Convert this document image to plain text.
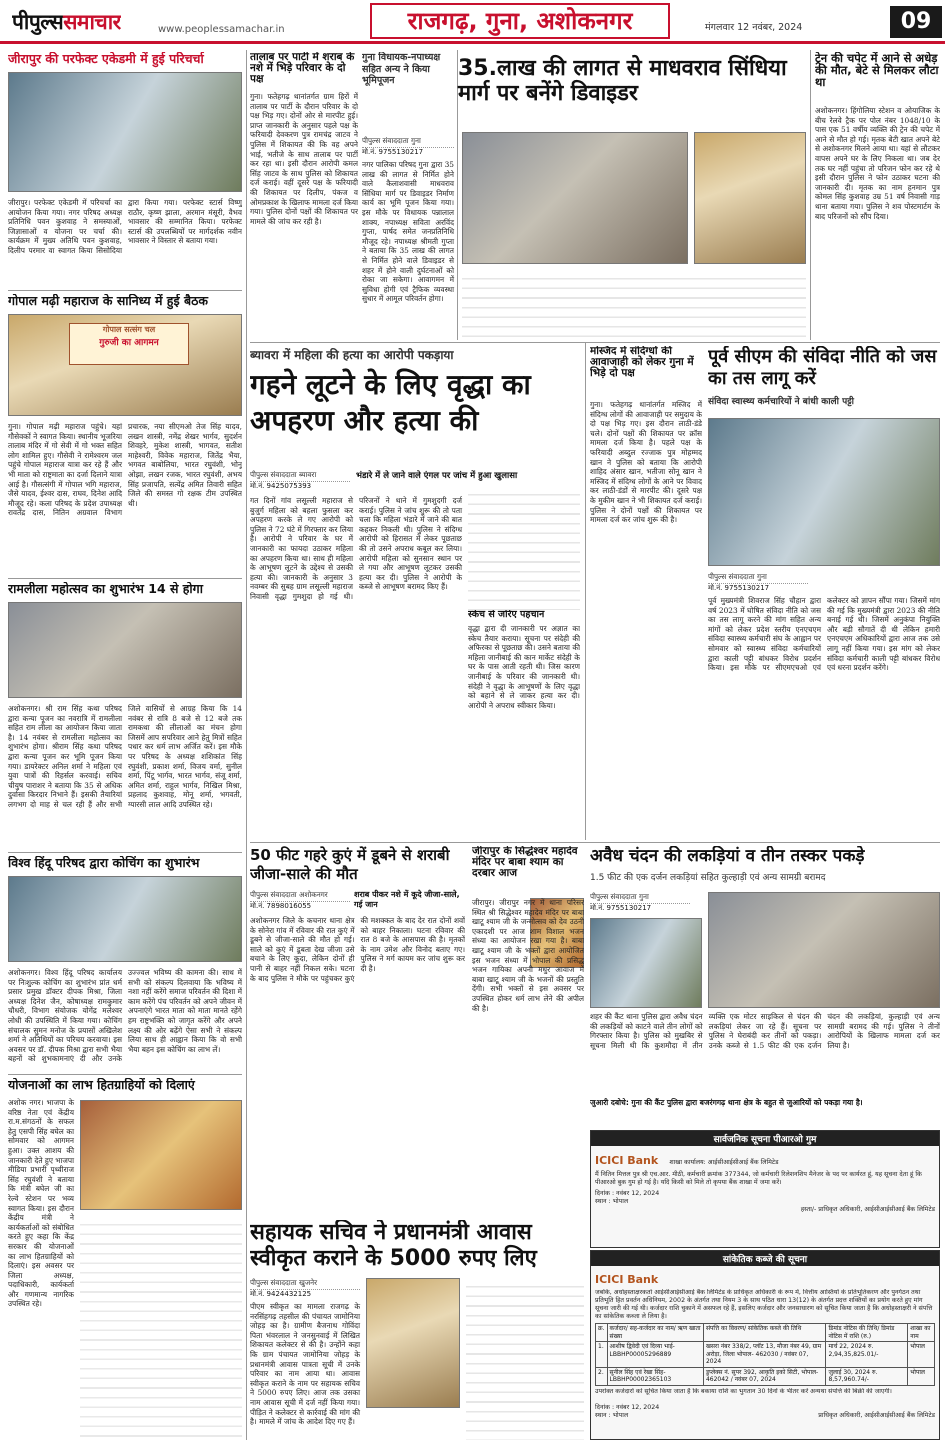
पीपुल्ससमाचार	www.peoplessamachar.in	राजगढ़, गुना, अशोकनगर	मंगलवार 12 नवंबर, 2024	09
जीरापुर की परफेक्ट एकेडमी में हुई परिचर्चा
जीरापुर। परफेक्ट एकेडमी में परिचर्चा का आयोजन किया गया। नगर परिषद अध्यक्ष प्रतिनिधि पवन कुशवाह ने समस्याओं, जिज्ञासाओं व योजना पर चर्चा की। कार्यक्रम में मुख्य अतिथि पवन कुशवाह, दिलीप परमार वा स्वागत किया सिसोदिया द्वारा किया गया। परफेक्ट स्टार्स विष्णु राठौर, कृष्ण झाला, अरमान मंसूरी, वैभव भावसार की सम्मानित किया। परफेक्ट स्टार्स की उपलब्धियों पर मार्गदर्शक नवीन भावसार ने विस्तार से बताया गया।
गोपाल मढ़ी महाराज के सानिध्य में हुई बैठक
गोपाल सत्संग चल
गुरुजी का आगमन
गुना। गोपाल मढ़ी महाराज पहुंचे। यहां गौसेवकों ने स्वागत किया। स्थानीय भूजरिया तालाब मंदिर में गो सेवी में गो भक्त सहित लोग शामिल हुए। गौसेवी ने रामेश्वरम जल पहुंचे गोपाल महाराज यात्रा कर रहे हैं और भी माता को राष्ट्रमाता का दर्जा दिलाने यात्रा आई है। गौसत्संगी में गोपाल भगि महाराज, जैसे यादव, ईश्वर दास, राघव, दिनेश आदि मौजूद रहे। कला परिषद के प्रदेश उपाध्यक्ष रावर्तेंद्र दास, नितिन अग्रवाल विभाग प्रचारक, नया सीएमओ तेज सिंह यादव, लखन शास्त्री, नमेंद्र शेखर भार्गव, सुदर्शन शिवहरे, मुकेश शास्त्री, भागवत, सतीश माहेश्वरी, विवेक महाराज, जितेंद्र भैया, भगवत बाबोलिया, भारत रघुवंशी, भोनू ओझा, लखन रजक, भारत रघुवंशी, अभय सिंह प्रजापति, सत्येंद्र अमित तिवारी सहित जिले की समस्त गो रक्षक टीम उपस्थित थी।
रामलीला महोत्सव का शुभारंभ 14 से होगा
अशोकनगर। श्री राम सिंह कथा परिषद द्वारा कन्या पूजन का नवरात्रि में रामलीला सहित राम लीला का आयोजन किया जाता है। 14 नवंबर से रामलीला महोत्सव का शुभारंभ होगा। श्रीराम सिंह कथा परिषद द्वारा कन्या पूजन कर भूमि पूजन किया गया। डायरेक्टर अनिल शर्मा ने महिला एवं युवा पात्रों की रिहर्सल करवाई। सचिव चीयुष पाराशर ने बताया कि 35 से अधिक दुर्वासा किरदार निभाने हैं। इसकी तैयारियां लगभग दो माह से चल रही हैं और सभी जिले वासियों से आग्रह किया कि 14 नवंबर से रात्रि 8 बजे से 12 बजे तक रामकथा की लीलाओं का मंचन होगा जिसमें आप सपरिवार आने हेतु मित्रों सहित पधार कर धर्म लाभ अर्जित करें। इस मौके पर परिषद के अध्यक्ष शशिकांत सिंह रघुवंशी, प्रकाश शर्मा, विजय वर्मा, सुनील शर्मा, पिंटू भार्गव, भारत भार्गव, संजू शर्मा, अमित शर्मा, राहुल भार्गव, निखिल मिश्रा, प्रहलाद कुशवाह, मोनू शर्मा, भगवती, ग्यारसी लाल आदि उपस्थित रहे।
विश्व हिंदू परिषद द्वारा कोचिंग का शुभारंभ
अशोकनगर। विश्व हिंदू परिषद कार्यालय पर निःशुल्क कोचिंग का शुभारंभ प्रांत धर्म प्रसार प्रमुख डॉक्टर दीपक मिश्रा, जिला अध्यक्ष दिनेश जैन, कोषाध्यक्ष रामकुमार चौधरी, विभाग संयोजक योगेंद्र मलेश्वर लोधी की उपस्थिति में किया गया। कोचिंग संचालक सुमन मनोज के प्रयासों अखिलेश शर्मा ने अतिथियों का परिचय करवाया। इस अवसर पर डॉ. दीपक मिश्रा द्वारा सभी भैया बहनों को शुभकामनाएं दी और उनके उज्ज्वल भविष्य की कामना की। साथ में सभी को संकल्प दिलवाया कि भविष्य में नशा नहीं करेंगे समाज परिवर्तन की दिशा में काम करेंगे पंच परिवर्तन को अपने जीवन में अपनाएंगे भारत माता को माता मानते रहेंगे हम राष्ट्रभक्ति को जागृत करेंगे और अपने लक्ष्य की ओर बढ़ेंगे ऐसा सभी ने संकल्प लिया साथ ही आह्वान किया कि वो सभी भैया बहन इस कोचिंग का लाभ लें।
योजनाओं का लाभ हितग्राहियों को दिलाएं
अशोक नगर। भाजपा के वरिष्ठ नेता एवं केंद्रीय रा.म.संगठनों के सफल हेतु एसपी सिंह बघेल का सोमवार को आगमन हुआ। उक्त आशय की जानकारी देते हुए भाजपा मीडिया प्रभारी पृथ्वीराज सिंह रघुवंशी ने बताया कि मंत्री बघेल जी का रेल्वे स्टेशन पर भव्य स्वागत किया। इस दौरान केंद्रीय मंत्री ने कार्यकर्ताओं को संबोधित करते हुए कहा कि केंद्र सरकार की योजनाओं का लाभ हितग्राहियों को दिलाएं। इस अवसर पर जिला अध्यक्ष, पदाधिकारी, कार्यकर्ता और गणमान्य नागरिक उपस्थित रहे।
तालाब पर पार्टी में शराब के नशे में भिड़े परिवार के दो पक्ष
गुना। फतेहगढ़ थानांतर्गत ग्राम हिरों में तालाब पर पार्टी के दौरान परिवार के दो पक्ष भिड़ गए। दोनों ओर से मारपीट हुई। प्राप्त जानकारी के अनुसार पहले पक्ष के फरियादी देवकरण पुत्र रामचंद्र जाटव ने पुलिस में शिकायत की कि वह अपने भाई, भतीजे के साथ तालाब पर पार्टी कर रहा था। इसी दौरान आरोपी कमल सिंह जाटव के साथ पुलिस को शिकायत दर्ज कराई। वहीं दूसरे पक्ष के फरियादी की शिकायत पर दिलीप, पंकज व ओमप्रकाश के खिलाफ मामला दर्ज किया गया। पुलिस दोनों पक्षों की शिकायत पर मामले की जांच कर रही है।
गुना विधायक-नपाध्यक्ष सहित अन्य ने किया भूमिपूजन	35.लाख की लागत से माधवराव सिंधिया मार्ग पर बनेंगे डिवाइडर
पीपुल्स संवाददाता गुना
मो.नं. 9755130217
नगर पालिका परिषद गुना द्वारा 35 लाख की लागत से निर्मित होने वाले कैलाशवासी माधवराव सिंधिया मार्ग पर डिवाइडर निर्माण कार्य का भूमि पूजन किया गया। इस मौके पर विधायक पन्नालाल शाक्य, नपाध्यक्ष सविता अरविंद गुप्ता, पार्षद समेत जनप्रतिनिधि मौजूद रहे। नपाध्यक्ष श्रीमती गुप्ता ने बताया कि 35 लाख की लागत से निर्मित होने वाले डिवाइडर से शहर में होने वाली दुर्घटनाओं को रोका जा सकेगा। आवागमन में सुविधा होगी एवं ट्रैफिक व्यवस्था सुधार में आमूल परिवर्तन होगा।
ट्रेन की चपेट में आने से अधेड़ की मौत, बेटे से मिलकर लौटा था
अशोकनगर। हिंगोलिया स्टेशन व ओयाजिक के बीच रेलवे ट्रैक पर पोल नंबर 1048/10 के पास एक 51 वर्षीय व्यक्ति की ट्रेन की चपेट में आने से मौत हो गई। मृतक बेटी खात अपने बेटे से अशोकनगर मिलने आया था। यहां से लौटकर वापस अपने घर के लिए निकला था। जब देर तक घर नहीं पहुंचा तो परिजन फोन कर रहे थे इसी दौरान पुलिस ने फोन उठाकर घटना की जानकारी दी। मृतक का नाम हनमान पुत्र कोमल सिंह कुशवाह उम्र 51 वर्ष निवासी गाड़ थाना बताया गया। पुलिस ने शव पोस्टमार्टम के बाद परिजनों को सौंप दिया।
ब्यावरा में महिला की हत्या का आरोपी पकड़ाया
गहने लूटने के लिए वृद्धा का अपहरण और हत्या की
पीपुल्स संवाददाता ब्यावरा
मो.नं. 9425075393
भंडारे में ले जाने वाले एंगल पर जांच में हुआ खुलासा
गत दिनों गांव लसूल्ली महाराज से बुजुर्ग महिला को बहला फुसला कर अपहरण करके ले गए आरोपी को पुलिस ने 72 घंटे में गिरफ्तार कर लिया है। आरोपी ने परिवार के घर में जानकारी का फायदा उठाकर महिला का अपहरण किया था। साथ ही महिला के आभूषण लूटने के उद्देश्य से उसकी हत्या की। जानकारी के अनुसार 3 नवम्बर की सुबह ग्राम लसूल्ली महाराज निवासी वृद्धा गुमशुदा हो गई थी। परिजनों ने थाने में गुमशुदगी दर्ज कराई। पुलिस ने जांच शुरू की तो पता चला कि महिला भंडारे में जाने की बात कहकर निकली थी। पुलिस ने संदिग्ध आरोपी को हिरासत में लेकर पूछताछ की तो उसने अपराध कबूल कर लिया। आरोपी महिला को सुनसान स्थान पर ले गया और आभूषण लूटकर उसकी हत्या कर दी। पुलिस ने आरोपी के कब्जे से आभूषण बरामद किए हैं।
स्केच से जरिए पहचान
वृद्धा द्वारा दी जानकारी पर अज्ञात का स्केच तैयार कराया। सूचना पर संदेही की अफिरका से पूछताछ की। उसने बताया की महिला जानीबाई की कान मार्केट संदेही के घर के पास आती रहती थी। जिस कारण जानीबाई के परिवार की जानकारी थी। संदेही ने वृद्धा के आभूषणों के लिए वृद्धा को बहाने से ले जाकर हत्या कर दी। आरोपी ने अपराध स्वीकार किया।
मस्जिद में संदिग्धों की आवाजाही को लेकर गुना में भिड़े दो पक्ष
गुना। फतेहगढ़ थानांतर्गत मस्जिद में संदिग्ध लोगों की आवाजाही पर समुदाय के दो पक्ष भिड़ गए। इस दौरान लाठी-डंडे चले। दोनों पक्षों की शिकायत पर क्रॉस मामला दर्ज किया है। पहले पक्ष के फरियादी अब्दुल रज्जाक पुत्र मोहम्मद खान ने पुलिस को बताया कि आरोपी शाहिद अंसार खान, भतीजा सोनू खान ने मस्जिद में संदिग्ध लोगों के आने पर विवाद कर लाठी-डंडों से मारपीट की। दूसरे पक्ष के मुकीम खान ने भी शिकायत दर्ज कराई। पुलिस ने दोनों पक्षों की शिकायत पर मामला दर्ज कर जांच शुरू की है।
पूर्व सीएम की संविदा नीति को जस का तस लागू करें
संविदा स्वास्थ्य कर्मचारियों ने बांधी काली पट्टी
पीपुल्स संवाददाता गुना
मो.नं. 9755130217
पूर्व मुख्यमंत्री शिवराज सिंह चौहान द्वारा वर्ष 2023 में घोषित संविदा नीति को जस का तस लागू करने की मांग सहित अन्य मांगों को लेकर प्रदेश स्तरीय एनएचएम संविदा स्वास्थ्य कर्मचारी संघ के आह्वान पर सोमवार को स्वास्थ्य संविदा कर्मचारियों द्वारा काली पट्टी बांधकर विरोध प्रदर्शन किया। इस मौके पर सीएमएचओ एवं कलेक्टर को ज्ञापन सौंपा गया। जिसमें मांग की गई कि मुख्यमंत्री द्वारा 2023 की नीति बनाई गई थी। जिसमें अनुकंपा नियुक्ति और बड़ी सौगातें दी थी लेकिन हमारी एनएचएम अधिकारियों द्वारा आज तक उसे लागू नहीं किया गया। इस मांग को लेकर संविदा कर्मचारी काली पट्टी बांधकर विरोध एवं धरना प्रदर्शन करेंगे।
50 फीट गहरे कुएं में डूबने से शराबी जीजा-साले की मौत
पीपुल्स संवाददाता अशोकनगर
मो.नं. 7898016055
शराब पीकर नशे में कूदे जीजा-साले, गई जान
अशोकनगर जिले के कचनार थाना क्षेत्र के सोनेरा गांव में रविवार की रात कुएं में डूबने से जीजा-साले की मौत हो गई। साले को कुएं में डूबता देख जीजा उसे बचाने के लिए कूदा, लेकिन दोनों ही पानी से बाहर नहीं निकल सके। घटना के बाद पुलिस ने मौके पर पहुंचकर कुएं की मशक्कत के बाद देर रात दोनों शवों को बाहर निकाला। घटना रविवार की रात 8 बजे के आसपास की है। मृतकों के नाम उमेश और विनोद बताए गए। पुलिस ने मर्ग कायम कर जांच शुरू कर दी है।
जीरापुर के सिद्धेश्वर महादेव मंदिर पर बाबा श्याम का दरबार आज
जीरापुर। जीरापुर नगर में थाना परिसर स्थित श्री सिद्धेश्वर महादेव मंदिर पर बाबा खाटू श्याम जी के जन्मोत्सव को देव उठनी एकादशी पर आज शाम विशाल भजन संध्या का आयोजन रखा गया है। बाबा खाटू श्याम जी के भक्तों द्वारा आयोजित इस भजन संध्या में भोपाल की प्रसिद्ध भजन गायिका अपनी मधुर आवाज में बाबा खाटू श्याम जी के भजनों की प्रस्तुति देंगी। सभी भक्तों से इस अवसर पर उपस्थित होकर धर्म लाभ लेने की अपील की है।
अवैध चंदन की लकड़ियां व तीन तस्कर पकड़े
1.5 फीट की एक दर्जन लकड़ियां सहित कुल्हाड़ी एवं अन्य सामग्री बरामद
पीपुल्स संवाददाता गुना
मो.नं. 9755130217
शहर की कैंट थाना पुलिस द्वारा अवैध चंदन की लकड़ियों को काटने वाले तीन लोगों को गिरफ्तार किया है। पुलिस को मुखबिर से सूचना मिली थी कि कुशमौदा में तीन व्यक्ति एक मोटर साइकिल से चंदन की लकड़ियां लेकर जा रहे हैं। सूचना पर पुलिस ने घेराबंदी कर तीनों को पकड़ा। उनके कब्जे से 1.5 फीट की एक दर्जन चंदन की लकड़ियां, कुल्हाड़ी एवं अन्य सामग्री बरामद की गई। पुलिस ने तीनों आरोपियों के खिलाफ मामला दर्ज कर लिया है।
सहायक सचिव ने प्रधानमंत्री आवास स्वीकृत कराने के 5000 रुपए लिए
पीपुल्स संवाददाता खुजनेर
मो.नं. 9424432125
पीएम स्वीकृत का मामला राजगढ़ के नरसिंहगढ़ तहसील की पंचायत जामोनिया जोहड़ का है। ग्रामीण बैजनाथ गोविंदा पिता भंवरलाल ने जनसुनवाई में लिखित शिकायत कलेक्टर से की है। उन्होंने कहा कि ग्राम पंचायत जामोनिया जोहड़ के प्रधानमंत्री आवास पात्रता सूची में उनके परिवार का नाम आया था। आवास स्वीकृत कराने के नाम पर सहायक सचिव ने 5000 रुपए लिए। आज तक उसका नाम आवास सूची में दर्ज नहीं किया गया। पीड़ित ने कलेक्टर से कार्रवाई की मांग की है। मामले में जांच के आदेश दिए गए हैं।
जुआरी दबोचे: गुना की कैंट पुलिस द्वारा बजरंगगढ़ थाना क्षेत्र के बहुत से जुआरियों को पकड़ा गया है।
सार्वजनिक सूचना पीआरओ गुम
ICICI Bank शाखा कार्यालय: आईसीआईसीआई बैंक लिमिटेड
मैं नितिन मित्तल पुत्र श्री एच.आर. मीठी, कर्मचारी क्रमांक 377344, जो कर्मचारी रिलेशनशिप मैनेजर के पद पर कार्यरत हूं, यह सूचना देता हूं कि पीआरओ बुक गुम हो गई है। यदि किसी को मिले तो कृपया बैंक शाखा में जमा करें।
दिनांक : नवंबर 12, 2024
स्थान : भोपाल
हस्ता/- प्राधिकृत अधिकारी, आईसीआईसीआई बैंक लिमिटेड
सांकेतिक कब्जे की सूचना
ICICI Bank
जबकि, अधोहस्ताक्षरकर्ता आईसीआईसीआई बैंक लिमिटेड के प्राधिकृत अधिकारी के रूप में, वित्तीय आस्तियों के प्रतिभूतिकरण और पुनर्गठन तथा प्रतिभूति हित प्रवर्तन अधिनियम, 2002 के अंतर्गत तथा नियम 3 के साथ पठित धारा 13(12) के अंतर्गत प्रदत्त शक्तियों का प्रयोग करते हुए मांग सूचना जारी की गई थी। कर्जदार राशि चुकाने में असफल रहे हैं, इसलिए कर्जदार और जनसाधारण को सूचित किया जाता है कि अधोहस्ताक्षरी ने संपत्ति का सांकेतिक कब्जा ले लिया है।
क्र.	कर्जदार/ सह-कर्जदार का नाम/ ऋण खाता संख्या	संपत्ति का विवरण/ सांकेतिक कब्जे की तिथि	डिमांड नोटिस की तिथि/ डिमांड नोटिस में राशि (रु.)	शाखा का नाम
1.	आशीष द्विवेदी एवं दिव्या भाई- LBBHP00005296889	खसरा नंबर 338/2, प्लॉट 13, मौजा नंबर 49, ग्राम अरोड़ा, जिला भोपाल- 462030 / नवंबर 07, 2024	मार्च 22, 2024 रु. 2,94,35,825.01/-	भोपाल
2.	सुनील सिंह एवं रेखा सिंह- LBBHP00002365103	डुप्लेक्स नं. सुपर 392, आकृति इको सिटी, भोपाल- 462042 / नवंबर 07, 2024	जुलाई 30, 2024 रु. 8,57,960.74/-	भोपाल
उपरोक्त कर्जदारों को सूचित किया जाता है कि बकाया राशि का भुगतान 30 दिनों के भीतर करें अन्यथा संपत्ति की बिक्री की जाएगी।
दिनांक : नवंबर 12, 2024
स्थान : भोपाल	प्राधिकृत अधिकारी, आईसीआईसीआई बैंक लिमिटेड
